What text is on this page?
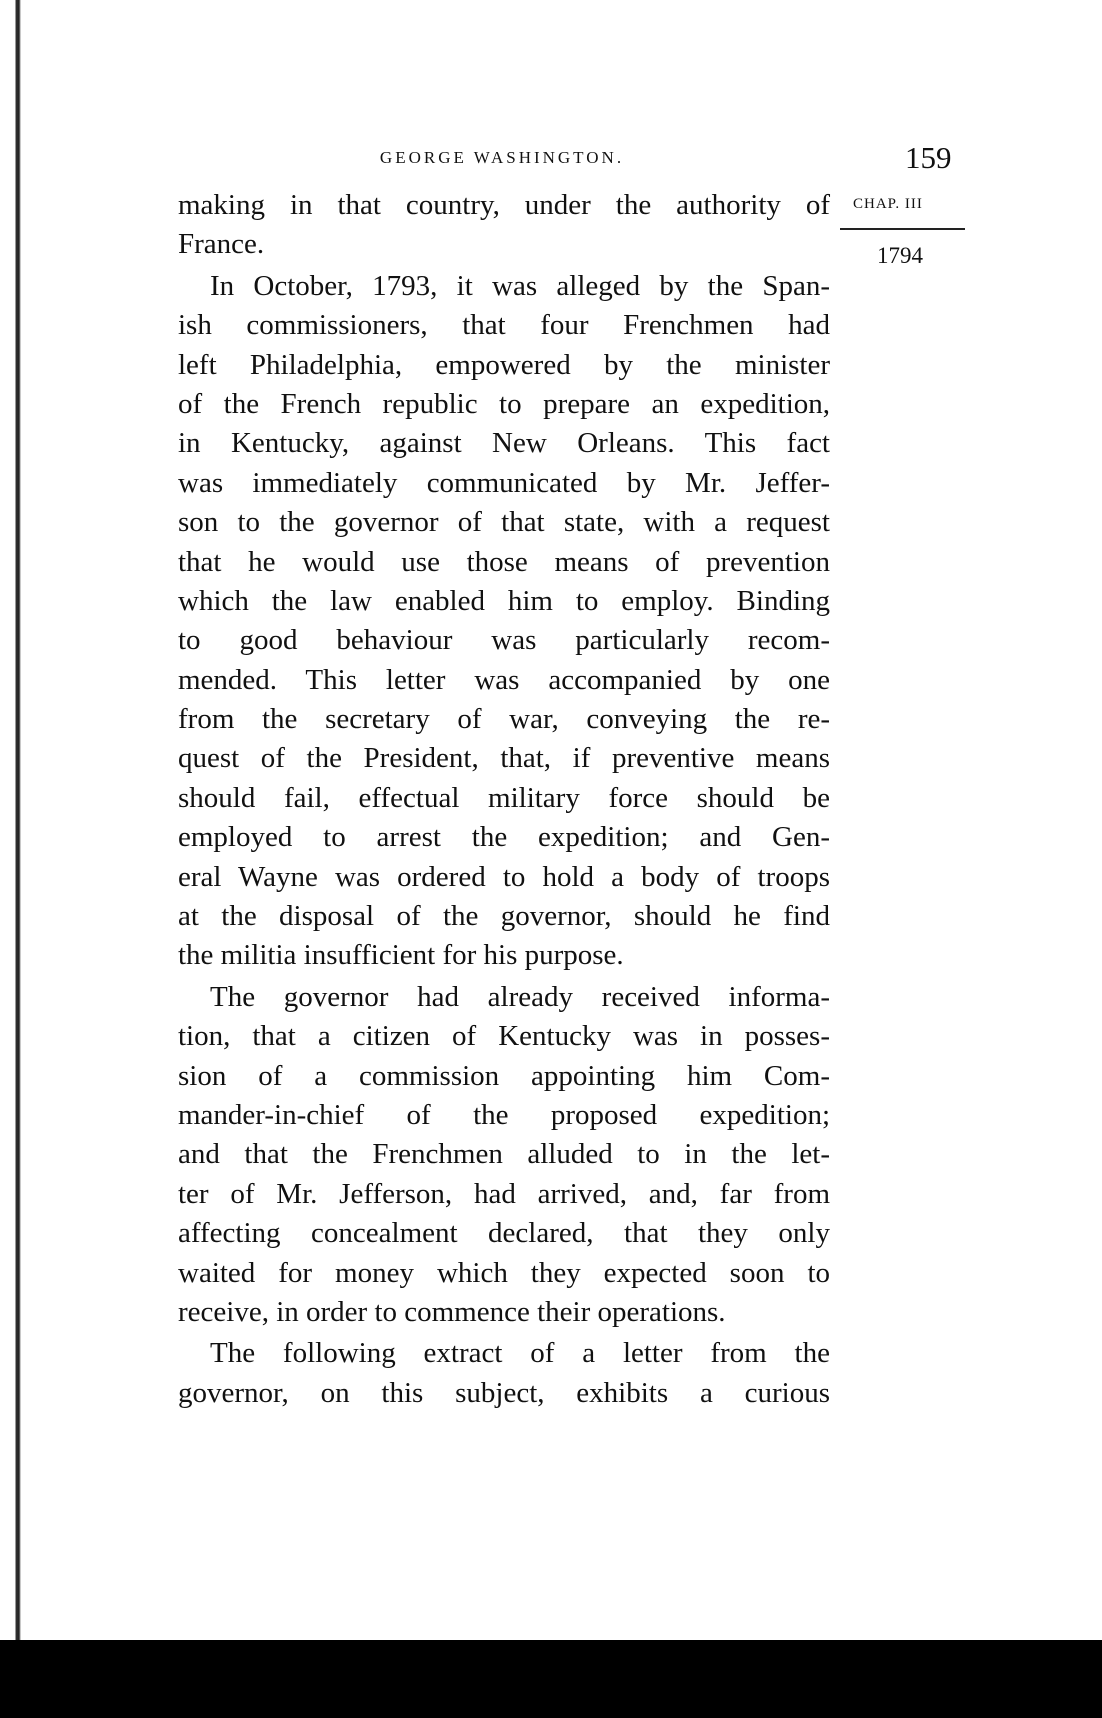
GEORGE WASHINGTON.	159
CHAP. III
1794
making in that country, under the authority of
France.
In October, 1793, it was alleged by the Span-
ish commissioners, that four Frenchmen had
left Philadelphia, empowered by the minister
of the French republic to prepare an expedition,
in Kentucky, against New Orleans. This fact
was immediately communicated by Mr. Jeffer-
son to the governor of that state, with a request
that he would use those means of prevention
which the law enabled him to employ. Binding
to good behaviour was particularly recom-
mended. This letter was accompanied by one
from the secretary of war, conveying the re-
quest of the President, that, if preventive means
should fail, effectual military force should be
employed to arrest the expedition; and Gen-
eral Wayne was ordered to hold a body of troops
at the disposal of the governor, should he find
the militia insufficient for his purpose.
The governor had already received informa-
tion, that a citizen of Kentucky was in posses-
sion of a commission appointing him Com-
mander-in-chief of the proposed expedition;
and that the Frenchmen alluded to in the let-
ter of Mr. Jefferson, had arrived, and, far from
affecting concealment declared, that they only
waited for money which they expected soon to
receive, in order to commence their operations.
The following extract of a letter from the
governor, on this subject, exhibits a curious
